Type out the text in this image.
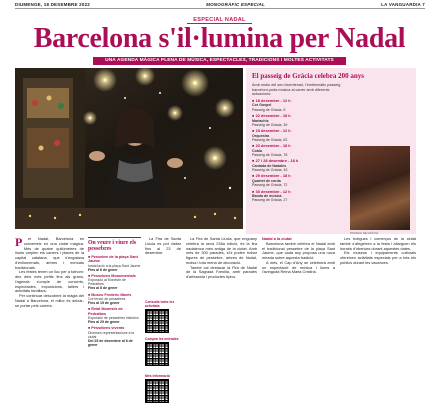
DIUMENGE, 18 DESEMBRE 2022	MONOGRÀFIC ESPECIAL	LA VANGUARDIA 7
ESPECIAL NADAL
Barcelona s'il·lumina per Nadal
UNA AGENDA MÀGICA PLENA DE MÚSICA, ESPECTACLES, TRADICIONS I MOLTES ACTIVITATS
El passeig de Gràcia celebra 200 anys
Amb motiu del seu bicentenari, l'emblemàtic passeig barceloní porta música al carrer amb diferents actuacions:
■ 18 desembre - 12 h
Cor Gospel
Passeig de Gràcia, 5
■ 22 desembre - 18 h
Mariachis
Passeig de Gràcia, 39
■ 23 desembre - 12 h
Orquestra
Passeig de Gràcia, 62
■ 23 desembre - 18 h
Cobla
Passeig de Gràcia, 78
■ 27 i 28 desembre - 18 h
Cantada de Nadales
Passeig de Gràcia, 43
■ 29 desembre - 18 h
Quartet de corda
Passeig de Gràcia, 72
■ 30 desembre - 12 h
Banda de música
Passeig de Gràcia, 27
PASSEIG DE GRÀCIA
P	er Nadal, Barcelona es converteix en una ciutat màgica. Més de quatre quilòmetres de llums omplen els carrers i places de la capital catalana, que s'engalana d'enllumenats, arbres i mercats tradicionals.

Les festes tenen un lloc per a tothom: des dels més petits fins als grans, l'agenda s'omple de concerts, espectacles, exposicions, tallers i activitats familiars.

Per continuar descobrint la màgia del Nadal a Barcelona, el millor és deixar-se portar pels carrers.

On veure i viure els pessebres
■ Pessebre de la plaça Sant Jaume
Instal·lació a la plaça Sant Jaume
Fins al 6 de gener
■ Pessebres Monumentals
Exposició al Monestir de Pedralbes
Fins al 8 de gener
■ Museu Frederic Marès
Col·lecció de pessebres
Fins al 15 de gener
■ Reial Monestir de Pedralbes
Exposició de pessebres històrics
Fins al 29 de gener
■ Pessebres vivents
Diverses representacions a la ciutat
Del 25 de desembre al 6 de gener

La Fira de Santa Llúcia es pot visitar fins al 23 de desembre.

Consulta totes les activitats
Compra les entrades
Més informació

La Fira de Santa Llúcia, que enguany celebra la seva 236a edició, és la fira nadalenca més antiga de la ciutat. Amb més de 300 parades, s'hi poden trobar figures de pessebre, arbres de Nadal, molsa i tota mena de decoració.

També cal destacar la Fira de Nadal de la Sagrada Família, amb parades d'artesania i productes típics.

Nadal a la ciutat

Barcelona també celebra el Nadal amb el tradicional pessebre de la plaça Sant Jaume, que cada any proposa una nova mirada sobre aquesta tradició.

A més, el Cap d'Any se celebrarà amb un espectacle de música i llums a l'avinguda Reina Maria Cristina.

Les botigues i comerços de la ciutat també s'afegeixen a la festa i allarguen els horaris d'obertura durant aquestes dates.

Els museus i equipaments culturals ofereixen activitats especials per a tots els públics durant les vacances.
